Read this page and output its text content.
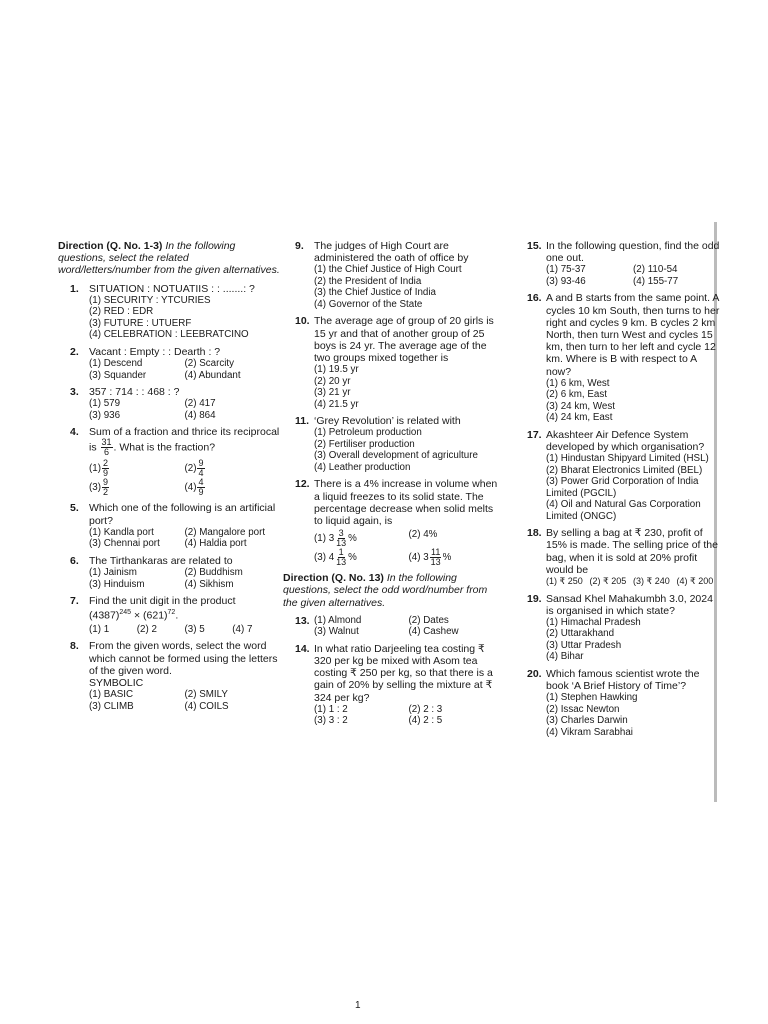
Direction (Q. No. 1-3) In the following questions, select the related word/letters/number from the given alternatives.
1. SITUATION : NOTUATIIS : : .......: ?
(1) SECURITY : YTCURIES
(2) RED : EDR
(3) FUTURE : UTUERF
(4) CELEBRATION : LEEBRATCINO
2. Vacant : Empty : : Dearth : ?
(1) Descend	(2) Scarcity
(3) Squander	(4) Abundant
3. 357 : 714 : : 468 : ?
(1) 579	(2) 417
(3) 936	(4) 864
4. Sum of a fraction and thrice its reciprocal is $\frac{31}{6}$ . What is the fraction?
$(1) \frac{2}{9}$	$(2) \frac{9}{4}$
$(3) \frac{9}{2}$	$(4) \frac{4}{9}$
5. Which one of the following is an artificial port?
(1) Kandla port	(2) Mangalore port
(3) Chennai port	(4) Haldia port
6. The Tirthankaras are related to
(1) Jainism	(2) Buddhism
(3) Hinduism	(4) Sikhism
7. Find the unit digit in the product
$(4387)^{245} \times (621)^{72}$.
(1) 1	(2) 2	(3) 5	(4) 7
8. From the given words, select the word which cannot be formed using the letters of the given word.
SYMBOLIC
(1) BASIC	(2) SMILY
(3) CLIMB	(4) COILS
9. The judges of High Court are administered the oath of office by
(1) the Chief Justice of High Court
(2) the President of India
(3) the Chief Justice of India
(4) Governor of the State
10. The average age of group of 20 girls is 15 yr and that of another group of 25 boys is 24 yr. The average age of the two groups mixed together is
(1) 19.5 yr
(2) 20 yr
(3) 21 yr
(4) 21.5 yr
11. ‘Grey Revolution’ is related with
(1) Petroleum production
(2) Fertiliser production
(3) Overall development of agriculture
(4) Leather production
12. There is a 4% increase in volume when a liquid freezes to its solid state. The percentage decrease when solid melts to liquid again, is
(1) $3 \frac{3}{13}$ %	(2) 4%
(3) $4 \frac{1}{13}$ %	(4) $3 \frac{11}{13}$ %
Direction (Q. No. 13) In the following questions, select the odd word/number from the given alternatives.
13. (1) Almond	(2) Dates
(3) Walnut	(4) Cashew
14. In what ratio Darjeeling tea costing ₹ 320 per kg be mixed with Asom tea costing ₹ 250 per kg, so that there is a gain of 20% by selling the mixture at ₹ 324 per kg?
(1) 1 : 2	(2) 2 : 3
(3) 3 : 2	(4) 2 : 5
15. In the following question, find the odd one out.
(1) 75-37	(2) 110-54
(3) 93-46	(4) 155-77
16. A and B starts from the same point. A cycles 10 km South, then turns to her right and cycles 9 km. B cycles 2 km North, then turn West and cycles 15 km, then turn to her left and cycle 12 km. Where is B with respect to A now?
(1) 6 km, West
(2) 6 km, East
(3) 24 km, West
(4) 24 km, East
17. Akashteer Air Defence System developed by which organisation?
(1) Hindustan Shipyard Limited (HSL)
(2) Bharat Electronics Limited (BEL)
(3) Power Grid Corporation of India Limited (PGCIL)
(4) Oil and Natural Gas Corporation Limited (ONGC)
18. By selling a bag at ₹ 230, profit of 15% is made. The selling price of the bag, when it is sold at 20% profit would be
(1) ₹ 250 (2) ₹ 205 (3) ₹ 240 (4) ₹ 200
19. Sansad Khel Mahakumbh 3.0, 2024 is organised in which state?
(1) Himachal Pradesh
(2) Uttarakhand
(3) Uttar Pradesh
(4) Bihar
20. Which famous scientist wrote the book ‘A Brief History of Time’?
(1) Stephen Hawking
(2) Issac Newton
(3) Charles Darwin
(4) Vikram Sarabhai
1
